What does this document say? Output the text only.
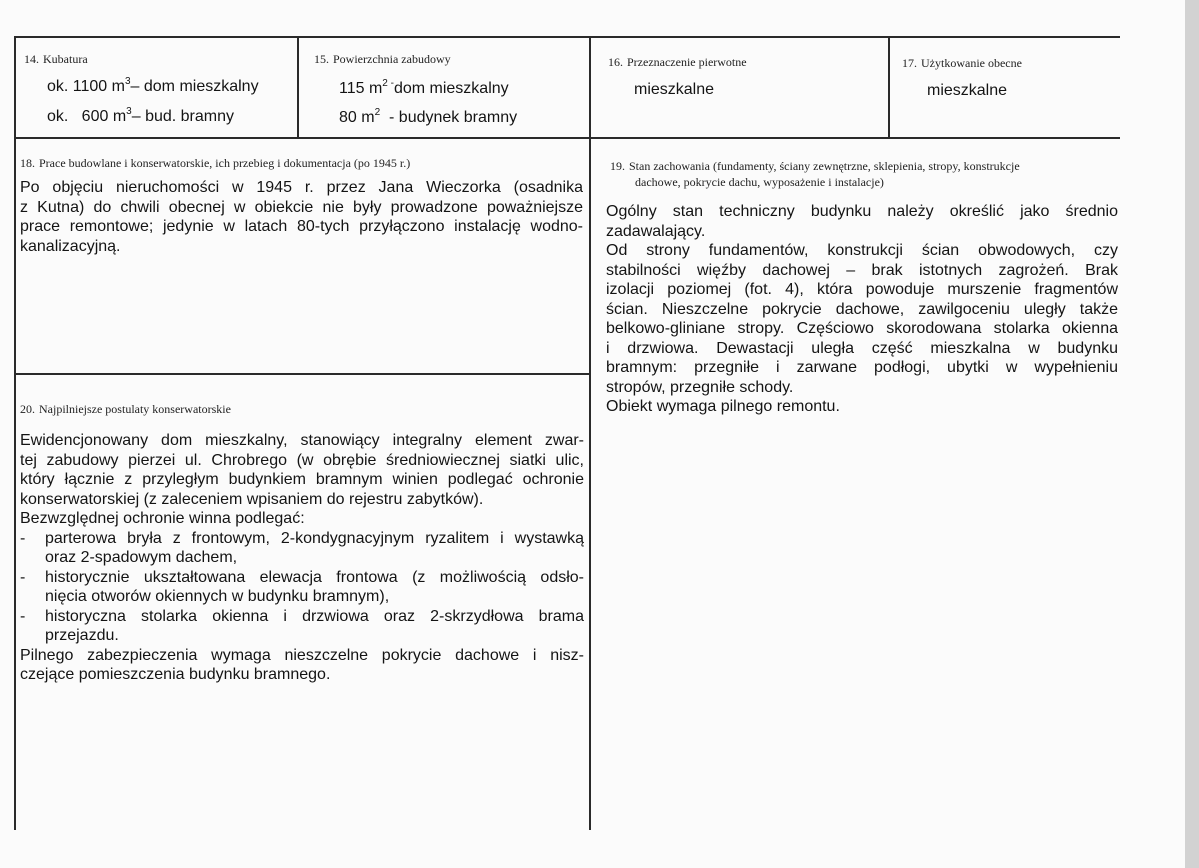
14. Kubatura
ok. 1100 $m^3-$ dom mieszkalny
ok.   600 $m^3-$ bud. bramny
15. Powierzchnia zabudowy
115 $m^{2 -}dom$ mieszkalny
80 $m^2$  - budynek bramny
16. Przeznaczenie pierwotne
mieszkalne
17. Użytkowanie obecne
mieszkalne
18. Prace budowlane i konserwatorskie, ich przebieg i dokumentacja (po 1945 r.)
Po objęciu nieruchomości w 1945 r. przez Jana Wieczorka (osadnika
z Kutna) do chwili obecnej w obiekcie nie były prowadzone poważniejsze
prace remontowe; jedynie w latach 80-tych przyłączono instalację wodno-
kanalizacyjną.
19. Stan zachowania (fundamenty, ściany zewnętrzne, sklepienia, stropy, konstrukcje
dachowe, pokrycie dachu, wyposażenie i instalacje)
Ogólny stan techniczny budynku należy określić jako średnio
zadawalający.
Od strony fundamentów, konstrukcji ścian obwodowych, czy
stabilności więźby dachowej – brak istotnych zagrożeń. Brak
izolacji poziomej (fot. 4), która powoduje murszenie fragmentów
ścian. Nieszczelne pokrycie dachowe, zawilgoceniu uległy także
belkowo-gliniane stropy. Częściowo skorodowana stolarka okienna
i drzwiowa. Dewastacji uległa część mieszkalna w budynku
bramnym: przegniłe i zarwane podłogi, ubytki w wypełnieniu
stropów, przegniłe schody.
Obiekt wymaga pilnego remontu.
20. Najpilniejsze postulaty konserwatorskie
Ewidencjonowany dom mieszkalny, stanowiący integralny element zwar-
tej zabudowy pierzei ul. Chrobrego (w obrębie średniowiecznej siatki ulic,
który łącznie z przyległym budynkiem bramnym winien podlegać ochronie
konserwatorskiej (z zaleceniem wpisaniem do rejestru zabytków).
Bezwzględnej ochronie winna podlegać:
- parterowa bryła z frontowym, 2-kondygnacyjnym ryzalitem i wystawką
oraz 2-spadowym dachem,
- historycznie ukształtowana elewacja frontowa (z możliwością odsło-
nięcia otworów okiennych w budynku bramnym),
- historyczna stolarka okienna i drzwiowa oraz 2-skrzydłowa brama
przejazdu.
Pilnego zabezpieczenia wymaga nieszczelne pokrycie dachowe i nisz-
czejące pomieszczenia budynku bramnego.
